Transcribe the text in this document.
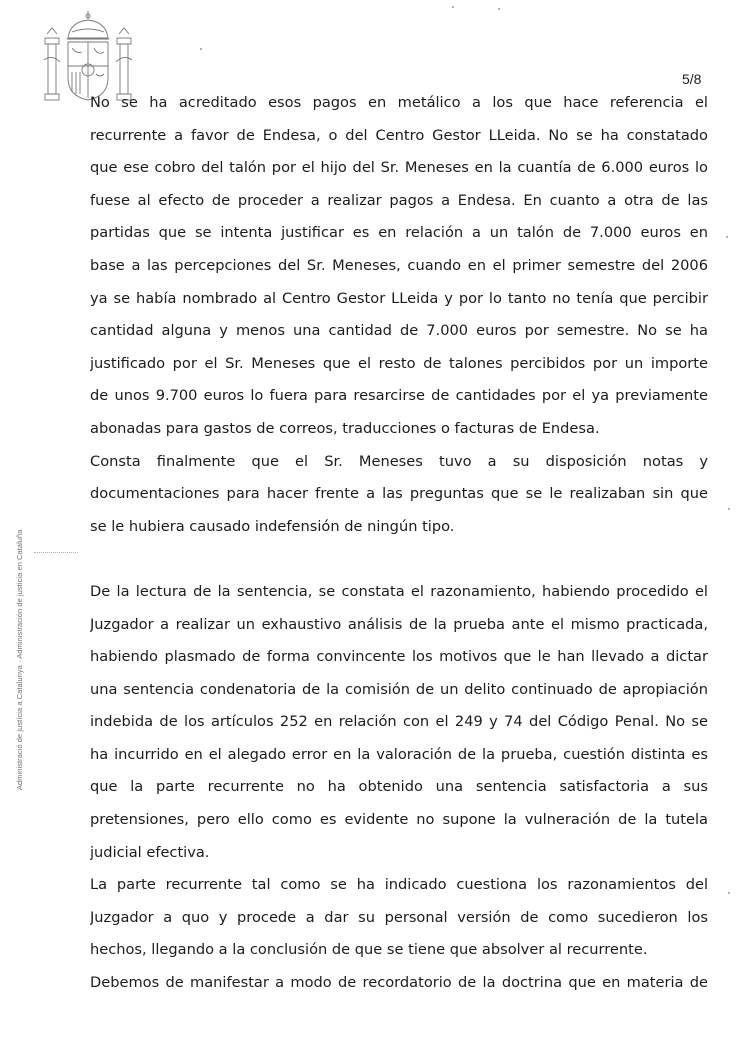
5/8
Administració de justícia a Catalunya · Administración de justicia en Cataluña
No se ha acreditado esos pagos en metálico a los que hace referencia el
recurrente a favor de Endesa, o del Centro Gestor LLeida. No se ha constatado
que ese cobro del talón por el hijo del Sr. Meneses en la cuantía de 6.000 euros lo
fuese al efecto de proceder a realizar pagos a Endesa. En cuanto a otra de las
partidas que se intenta justificar es en relación a un talón de 7.000 euros en
base a las percepciones del Sr. Meneses, cuando en el primer semestre del 2006
ya se había nombrado al Centro Gestor LLeida y por lo tanto no tenía que percibir
cantidad alguna y menos una cantidad de 7.000 euros por semestre. No se ha
justificado por el Sr. Meneses que el resto de talones percibidos por un importe
de unos 9.700 euros lo fuera para resarcirse de cantidades por el ya previamente
abonadas para gastos de correos, traducciones o facturas de Endesa.
Consta finalmente que el Sr. Meneses tuvo a su disposición notas y
documentaciones para hacer frente a las preguntas que se le realizaban sin que
se le hubiera causado indefensión de ningún tipo.
De la lectura de la sentencia, se constata el razonamiento, habiendo procedido el
Juzgador a realizar un exhaustivo análisis de la prueba ante el mismo practicada,
habiendo plasmado de forma convincente los motivos que le han llevado a dictar
una sentencia condenatoria de la comisión de un delito continuado de apropiación
indebida de los artículos 252 en relación con el 249 y 74 del Código Penal. No se
ha incurrido en el alegado error en la valoración de la prueba, cuestión distinta es
que la parte recurrente no ha obtenido una sentencia satisfactoria a sus
pretensiones, pero ello como es evidente no supone la vulneración de la tutela
judicial efectiva.
La parte recurrente tal como se ha indicado cuestiona los razonamientos del
Juzgador a quo y procede a dar su personal versión de como sucedieron los
hechos, llegando a la conclusión de que se tiene que absolver al recurrente.
Debemos de manifestar a modo de recordatorio de la doctrina que en materia de
